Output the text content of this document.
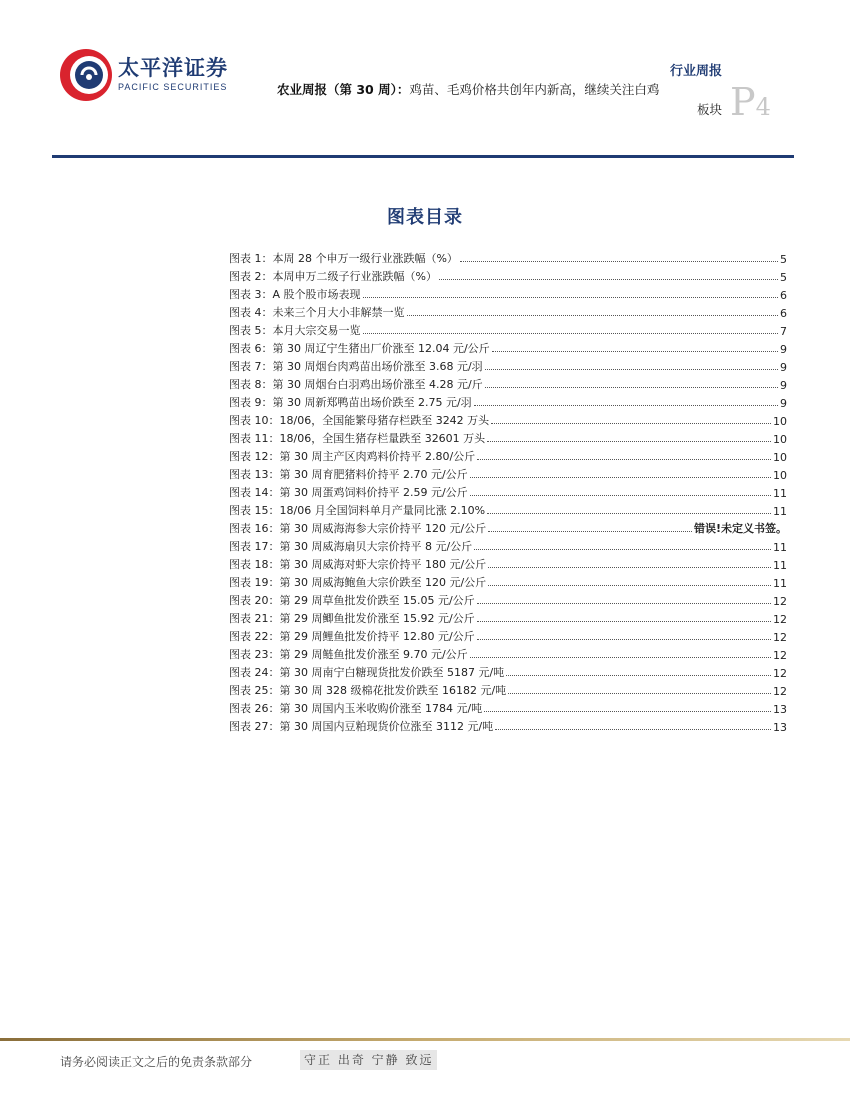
太平洋证券
PACIFIC SECURITIES
行业周报
农业周报（第 30 周）：鸡苗、毛鸡价格共创年内新高，继续关注白鸡
板块 P4
图表目录
图表 1：本周 28 个申万一级行业涨跌幅（%）	5
图表 2：本周申万二级子行业涨跌幅（%）	5
图表 3：A 股个股市场表现	6
图表 4：未来三个月大小非解禁一览	6
图表 5：本月大宗交易一览	7
图表 6：第 30 周辽宁生猪出厂价涨至 12.04 元/公斤	9
图表 7：第 30 周烟台肉鸡苗出场价涨至 3.68 元/羽	9
图表 8：第 30 周烟台白羽鸡出场价涨至 4.28 元/斤	9
图表 9：第 30 周新郑鸭苗出场价跌至 2.75 元/羽	9
图表 10：18/06，全国能繁母猪存栏跌至 3242 万头	10
图表 11：18/06，全国生猪存栏量跌至 32601 万头	10
图表 12：第 30 周主产区肉鸡料价持平 2.80/公斤	10
图表 13：第 30 周育肥猪料价持平 2.70 元/公斤	10
图表 14：第 30 周蛋鸡饲料价持平 2.59 元/公斤	11
图表 15：18/06 月全国饲料单月产量同比涨 2.10%	11
图表 16：第 30 周威海海参大宗价持平 120 元/公斤	错误!未定义书签。
图表 17：第 30 周威海扇贝大宗价持平 8 元/公斤	11
图表 18：第 30 周威海对虾大宗价持平 180 元/公斤	11
图表 19：第 30 周威海鲍鱼大宗价跌至 120 元/公斤	11
图表 20：第 29 周草鱼批发价跌至 15.05 元/公斤	12
图表 21：第 29 周鲫鱼批发价涨至 15.92 元/公斤	12
图表 22：第 29 周鲤鱼批发价持平 12.80 元/公斤	12
图表 23：第 29 周鲢鱼批发价涨至 9.70 元/公斤	12
图表 24：第 30 周南宁白糖现货批发价跌至 5187 元/吨	12
图表 25：第 30 周 328 级棉花批发价跌至 16182 元/吨	12
图表 26：第 30 周国内玉米收购价涨至 1784 元/吨	13
图表 27：第 30 周国内豆粕现货价位涨至 3112 元/吨	13
请务必阅读正文之后的免责条款部分	守正 出奇 宁静 致远
